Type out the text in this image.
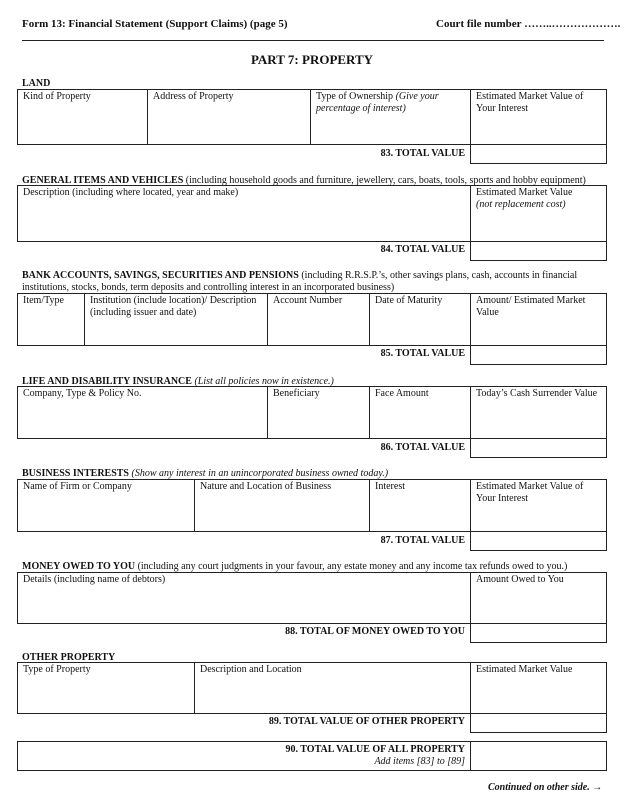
Form 13: Financial Statement (Support Claims) (page 5)	Court file number ……..……………….
PART 7: PROPERTY
LAND
Kind of Property	Address of Property	Type of Ownership (Give your percentage of interest)	Estimated Market Value of Your Interest
83. TOTAL VALUE
GENERAL ITEMS AND VEHICLES (including household goods and furniture, jewellery, cars, boats, tools, sports and hobby equipment)
Description (including where located, year and make)	Estimated Market Value
(not replacement cost)
84. TOTAL VALUE
BANK ACCOUNTS, SAVINGS, SECURITIES AND PENSIONS (including R.R.S.P.’s, other savings plans, cash, accounts in financial institutions, stocks, bonds, term deposits and controlling interest in an incorporated business)
Item/Type	Institution (include location)/ Description (including issuer and date)	Account Number	Date of Maturity	Amount/ Estimated Market Value
85. TOTAL VALUE
LIFE AND DISABILITY INSURANCE (List all policies now in existence.)
Company, Type & Policy No.	Beneficiary	Face Amount	Today’s Cash Surrender Value
86. TOTAL VALUE
BUSINESS INTERESTS (Show any interest in an unincorporated business owned today.)
Name of Firm or Company	Nature and Location of Business	Interest	Estimated Market Value of Your Interest
87. TOTAL VALUE
MONEY OWED TO YOU (including any court judgments in your favour, any estate money and any income tax refunds owed to you.)
Details (including name of debtors)	Amount Owed to You
88. TOTAL OF MONEY OWED TO YOU
OTHER PROPERTY
Type of Property	Description and Location	Estimated Market Value
89. TOTAL VALUE OF OTHER PROPERTY
90. TOTAL VALUE OF ALL PROPERTY
Add items [83] to [89]
Continued on other side. →
